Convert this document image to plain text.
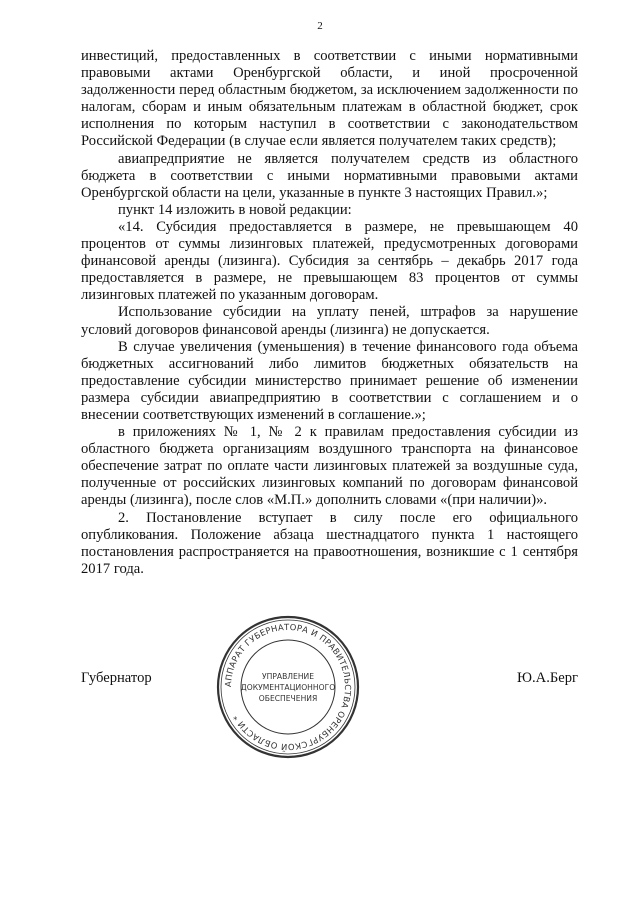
2

инвестиций, предоставленных в соответствии с иными нормативными правовыми актами Оренбургской области, и иной просроченной задолженности перед областным бюджетом, за исключением задолженности по налогам, сборам и иным обязательным платежам в областной бюджет, срок исполнения по которым наступил в соответствии с законодательством Российской Федерации (в случае если является получателем таких средств);

авиапредприятие не является получателем средств из областного бюджета в соответствии с иными нормативными правовыми актами Оренбургской области на цели, указанные в пункте 3 настоящих Правил.»;

пункт 14 изложить в новой редакции:

«14. Субсидия предоставляется в размере, не превышающем 40 процентов от суммы лизинговых платежей, предусмотренных договорами финансовой аренды (лизинга). Субсидия за сентябрь – декабрь 2017 года предоставляется в размере, не превышающем 83 процентов от суммы лизинговых платежей по указанным договорам.

Использование субсидии на уплату пеней, штрафов за нарушение условий договоров финансовой аренды (лизинга) не допускается.

В случае увеличения (уменьшения) в течение финансового года объема бюджетных ассигнований либо лимитов бюджетных обязательств на предоставление субсидии министерство принимает решение об изменении размера субсидии авиапредприятию в соответствии с соглашением и о внесении соответствующих изменений в соглашение.»;

в приложениях № 1, № 2 к правилам предоставления субсидии из областного бюджета организациям воздушного транспорта на финансовое обеспечение затрат по оплате части лизинговых платежей за воздушные суда, полученные от российских лизинговых компаний по договорам финансовой аренды (лизинга), после слов «М.П.» дополнить словами «(при наличии)».

2. Постановление вступает в силу после его официального опубликования. Положение абзаца шестнадцатого пункта 1 настоящего постановления распространяется на правоотношения, возникшие с 1 сентября 2017 года.

Губернатор	Ю.А.Берг
АППАРАТ ГУБЕРНАТОРА И ПРАВИТЕЛЬСТВА ОРЕНБУРГСКОЙ ОБЛАСТИ *
УПРАВЛЕНИЕ
ДОКУМЕНТАЦИОННОГО
ОБЕСПЕЧЕНИЯ
